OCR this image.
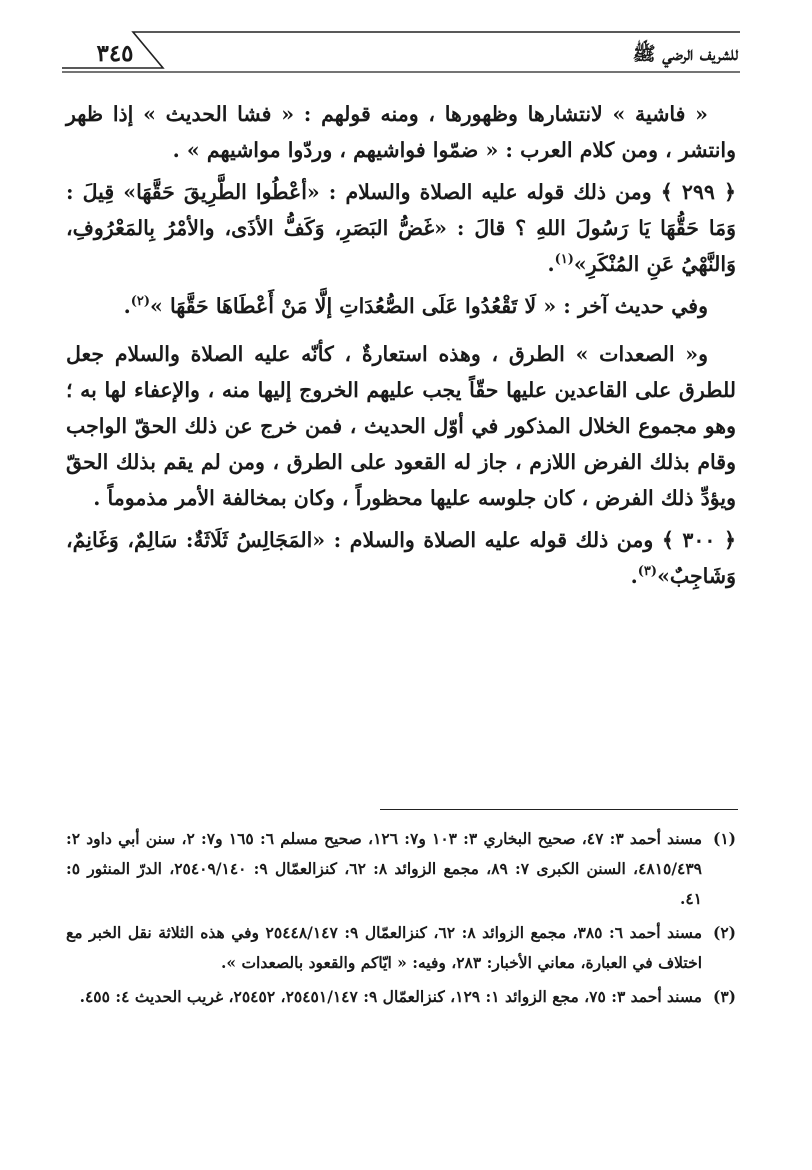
٣٤٥	للشريف الرضي ﷺ

« فاشية » لانتشارها وظهورها ، ومنه قولهم : « فشا الحديث » إذا ظهر وانتشر ، ومن كلام العرب : « ضمّوا فواشيهم ، وردّوا مواشيهم » .

﴿ ٢٩٩ ﴾ ومن ذلك قوله عليه الصلاة والسلام : «أعْطُوا الطَّرِيقَ حَقَّهَا» قِيلَ : وَمَا حَقُّهَا يَا رَسُولَ اللهِ ؟ قالَ : «غَضُّ البَصَرِ، وَكَفُّ الأذَى، والأمْرُ بِالمَعْرُوفِ، وَالنَّهْيُ عَنِ المُنْكَرِ»$^{(١)}$.

وفي حديث آخر : « لَا تَقْعُدُوا عَلَى الصُّعُدَاتِ إلَّا مَنْ أَعْطَاهَا حَقَّهَا »$^{(٢)}$.

و« الصعدات » الطرق ، وهذه استعارةٌ ، كأنّه عليه الصلاة والسلام جعل للطرق على القاعدين عليها حقّاً يجب عليهم الخروج إليها منه ، والإعفاء لها به ؛ وهو مجموع الخلال المذكور في أوّل الحديث ، فمن خرج عن ذلك الحقّ الواجب وقام بذلك الفرض اللازم ، جاز له القعود على الطرق ، ومن لم يقم بذلك الحقّ ويؤدِّ ذلك الفرض ، كان جلوسه عليها محظوراً ، وكان بمخالفة الأمر مذموماً .

﴿ ٣٠٠ ﴾ ومن ذلك قوله عليه الصلاة والسلام : «المَجَالِسُ ثَلَاثَةٌ: سَالِمٌ، وَغَانِمٌ، وَشَاجِبٌ»$^{(٣)}$.

(١)
مسند أحمد ٣: ٤٧، صحيح البخاري ٣: ١٠٣ و٧: ١٢٦، صحيح مسلم ٦: ١٦٥ و٧: ٢، سنن أبي داود ٢: ٤٨١٥/٤٣٩، السنن الكبرى ٧: ٨٩، مجمع الزوائد ٨: ٦٢، كنزالعمّال ٩: ٢٥٤٠٩/١٤٠، الدرّ المنثور ٥: ٤١.
(٢)
مسند أحمد ٦: ٣٨٥، مجمع الزوائد ٨: ٦٢، كنزالعمّال ٩: ٢٥٤٤٨/١٤٧ وفي هذه الثلاثة نقل الخبر مع اختلاف في العبارة، معاني الأخبار: ٢٨٣، وفيه: « ايّاكم والقعود بالصعدات ».
(٣)
مسند أحمد ٣: ٧٥، مجع الزوائد ١: ١٢٩، كنزالعمّال ٩: ٢٥٤٥١/١٤٧، ٢٥٤٥٢، غريب الحديث ٤: ٤٥٥.
